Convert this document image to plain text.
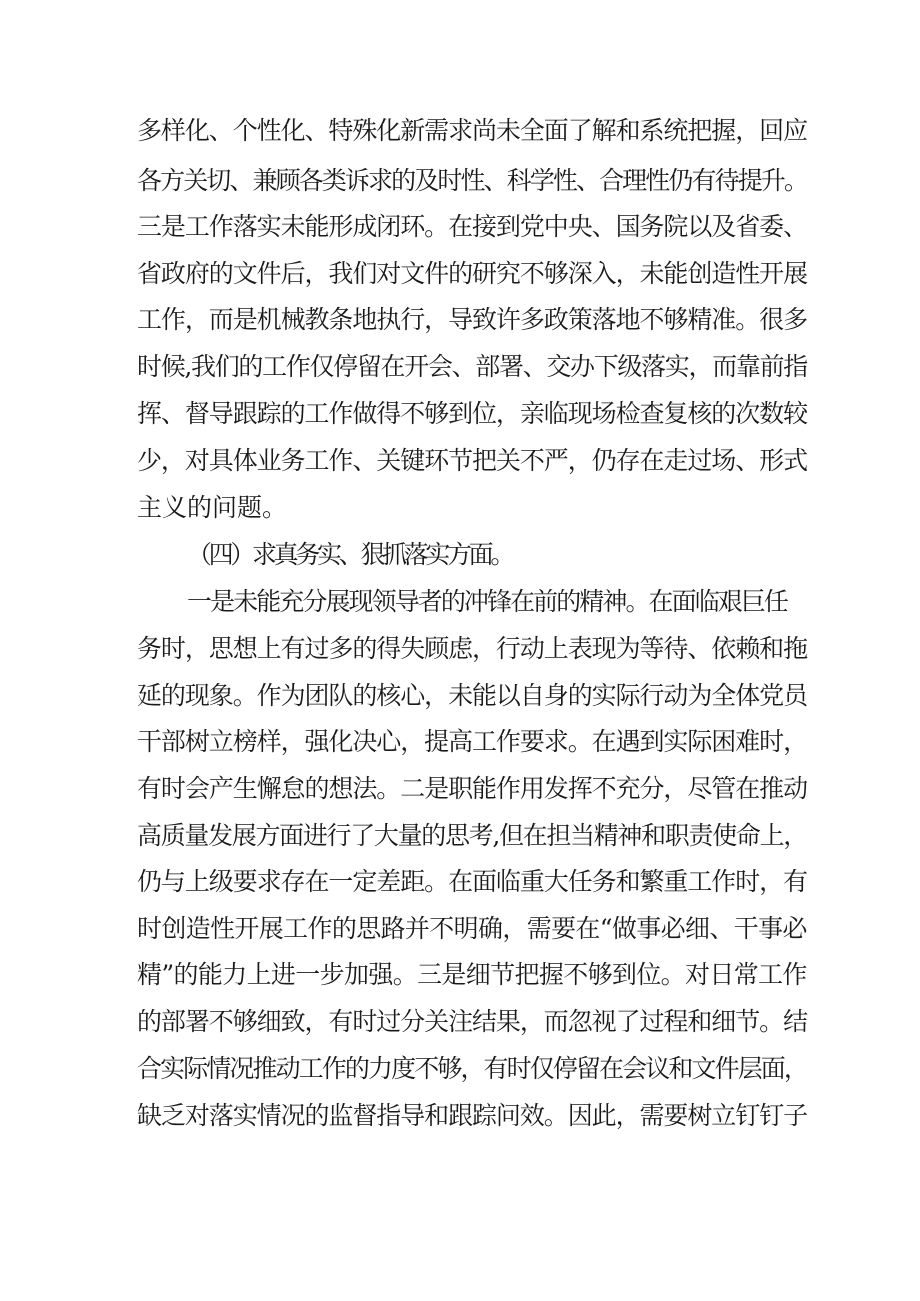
多样化、个性化、特殊化新需求尚未全面了解和系统把握，回应
各方关切、兼顾各类诉求的及时性、科学性、合理性仍有待提升。
三是工作落实未能形成闭环。在接到党中央、国务院以及省委、
省政府的文件后，我们对文件的研究不够深入，未能创造性开展
工作，而是机械教条地执行，导致许多政策落地不够精准。很多
时候,我们的工作仅停留在开会、部署、交办下级落实，而靠前指
挥、督导跟踪的工作做得不够到位，亲临现场检查复核的次数较
少，对具体业务工作、关键环节把关不严，仍存在走过场、形式
主义的问题。
（四）求真务实、狠抓落实方面。
一是未能充分展现领导者的冲锋在前的精神。在面临艰巨任
务时，思想上有过多的得失顾虑，行动上表现为等待、依赖和拖
延的现象。作为团队的核心，未能以自身的实际行动为全体党员
干部树立榜样，强化决心，提高工作要求。在遇到实际困难时，
有时会产生懈怠的想法。二是职能作用发挥不充分，尽管在推动
高质量发展方面进行了大量的思考,但在担当精神和职责使命上，
仍与上级要求存在一定差距。在面临重大任务和繁重工作时，有
时创造性开展工作的思路并不明确，需要在“做事必细、干事必
精”的能力上进一步加强。三是细节把握不够到位。对日常工作
的部署不够细致，有时过分关注结果，而忽视了过程和细节。结
合实际情况推动工作的力度不够，有时仅停留在会议和文件层面，
缺乏对落实情况的监督指导和跟踪问效。因此，需要树立钉钉子
